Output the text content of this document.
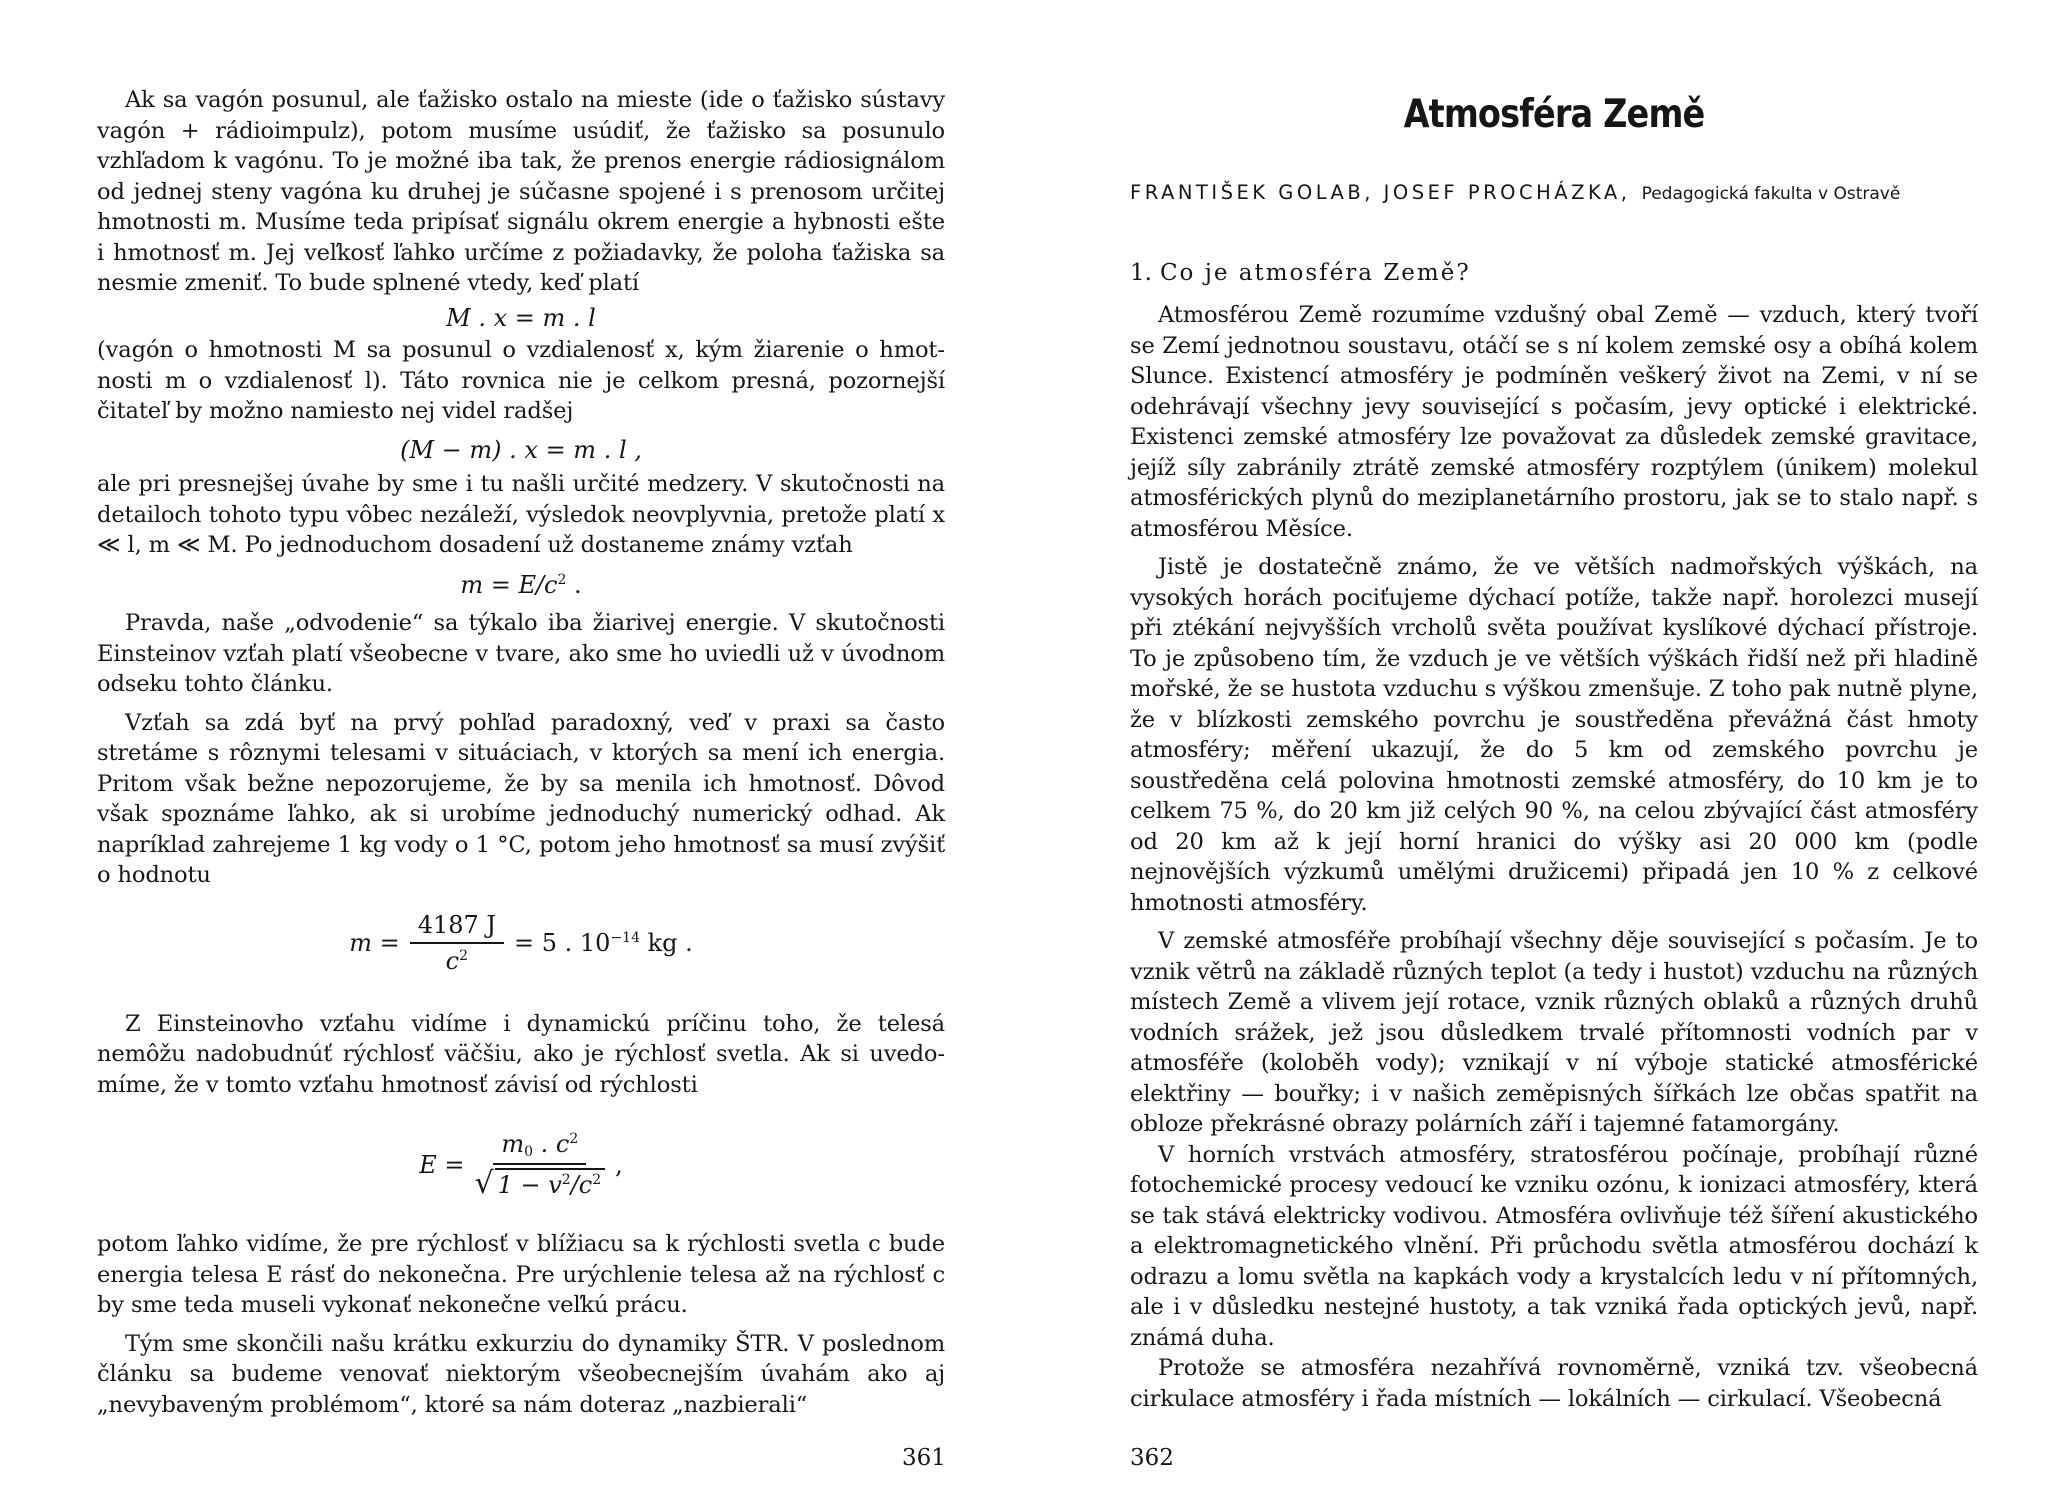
Ak sa vagón posunul, ale ťažisko ostalo na mieste (ide o ťažisko sústavy vagón + rádioimpulz), potom musíme usúdiť, že ťažisko sa posunulo vzhľadom k vagónu. To je možné iba tak, že prenos energie rádiosignálom od jednej steny vagóna ku druhej je súčasne spojené i s prenosom určitej hmotnosti m. Musíme teda pripísať signálu okrem energie a hybnosti ešte i hmotnosť m. Jej veľkosť ľahko určíme z požiadavky, že poloha ťažiska sa nesmie zmeniť. To bude splnené vtedy, keď platí

M . x = m . l

(vagón o hmotnosti M sa posunul o vzdialenosť x, kým žiarenie o hmotnosti m o vzdialenosť l). Táto rovnica nie je celkom presná, pozornejší čitateľ by možno namiesto nej videl radšej

(M − m) . x = m . l ,

ale pri presnejšej úvahe by sme i tu našli určité medzery. V skutočnosti na detailoch tohoto typu vôbec nezáleží, výsledok neovplyvnia, pretože platí x ≪ l, m ≪ M. Po jednoduchom dosadení už dostaneme známy vzťah

$m = E/c^2$ .

Pravda, naše „odvodenie“ sa týkalo iba žiarivej energie. V skutočnosti Einsteinov vzťah platí všeobecne v tvare, ako sme ho uviedli už v úvodnom odseku tohto článku.

Vzťah sa zdá byť na prvý pohľad paradoxný, veď v praxi sa často stretáme s rôznymi telesami v situáciach, v ktorých sa mení ich energia. Pritom však bežne nepozorujeme, že by sa menila ich hmotnosť. Dôvod však spoznáme ľahko, ak si urobíme jednoduchý numerický odhad. Ak napríklad zahrejeme 1 kg vody o 1 °C, potom jeho hmotnosť sa musí zvýšiť o hodnotu

$m = \frac{4187 J}{c^2} = 5$ . $10^{-14}$ kg .

Z Einsteinovho vzťahu vidíme i dynamickú príčinu toho, že telesá nemôžu nadobudnúť rýchlosť väčšiu, ako je rýchlosť svetla. Ak si uvedomíme, že v tomto vzťahu hmotnosť závisí od rýchlosti

$E = \frac{m_0 . c^2}{√ 1 - v^2/c^2}$ ,

potom ľahko vidíme, že pre rýchlosť v blížiacu sa k rýchlosti svetla c bude energia telesa E rásť do nekonečna. Pre urýchlenie telesa až na rýchlosť c by sme teda museli vykonať nekonečne veľkú prácu.

Tým sme skončili našu krátku exkurziu do dynamiky ŠTR. V poslednom článku sa budeme venovať niektorým všeobecnejším úvahám ako aj „nevybaveným problémom“, ktoré sa nám doteraz „nazbierali“

361
Atmosféra Země
FRANTIŠEK GOLAB, JOSEF PROCHÁZKA, Pedagogická fakulta v Ostravě
1. Co je atmosféra Země?

Atmosférou Země rozumíme vzdušný obal Země — vzduch, který tvoří se Zemí jednotnou soustavu, otáčí se s ní kolem zemské osy a obíhá kolem Slunce. Existencí atmosféry je podmíněn veškerý život na Zemi, v ní se odehrávají všechny jevy související s počasím, jevy optické i elektrické. Existenci zemské atmosféry lze považovat za důsledek zemské gravitace, jejíž síly zabránily ztrátě zemské atmosféry rozptýlem (únikem) molekul atmosférických plynů do meziplanetárního prostoru, jak se to stalo např. s atmosférou Měsíce.

Jistě je dostatečně známo, že ve větších nadmořských výškách, na vysokých horách pociťujeme dýchací potíže, takže např. horolezci musejí při ztékání nejvyšších vrcholů světa používat kyslíkové dýchací přístroje. To je způsobeno tím, že vzduch je ve větších výškách řidší než při hladině mořské, že se hustota vzduchu s výškou zmenšuje. Z toho pak nutně plyne, že v blízkosti zemského povrchu je soustředěna převážná část hmoty atmosféry; měření ukazují, že do 5 km od zemského povrchu je soustředěna celá polovina hmotnosti zemské atmosféry, do 10 km je to celkem 75 %, do 20 km již celých 90 %, na celou zbývající část atmosféry od 20 km až k její horní hranici do výšky asi 20 000 km (podle nejnovějších výzkumů umělými družicemi) připadá jen 10 % z celkové hmotnosti atmosféry.

V zemské atmosféře probíhají všechny děje související s počasím. Je to vznik větrů na základě různých teplot (a tedy i hustot) vzduchu na různých místech Země a vlivem její rotace, vznik různých oblaků a různých druhů vodních srážek, jež jsou důsledkem trvalé přítomnosti vodních par v atmosféře (koloběh vody); vznikají v ní výboje statické atmosférické elektřiny — bouřky; i v našich zeměpisných šířkách lze občas spatřit na obloze překrásné obrazy polárních září i tajemné fatamorgány.

V horních vrstvách atmosféry, stratosférou počínaje, probíhají různé fotochemické procesy vedoucí ke vzniku ozónu, k ionizaci atmosféry, která se tak stává elektricky vodivou. Atmosféra ovlivňuje též šíření akustického a elektromagnetického vlnění. Při průchodu světla atmosférou dochází k odrazu a lomu světla na kapkách vody a krystalcích ledu v ní přítomných, ale i v důsledku nestejné hustoty, a tak vzniká řada optických jevů, např. známá duha.

Protože se atmosféra nezahřívá rovnoměrně, vzniká tzv. všeobecná cirkulace atmosféry i řada místních — lokálních — cirkulací. Všeobecná

362
